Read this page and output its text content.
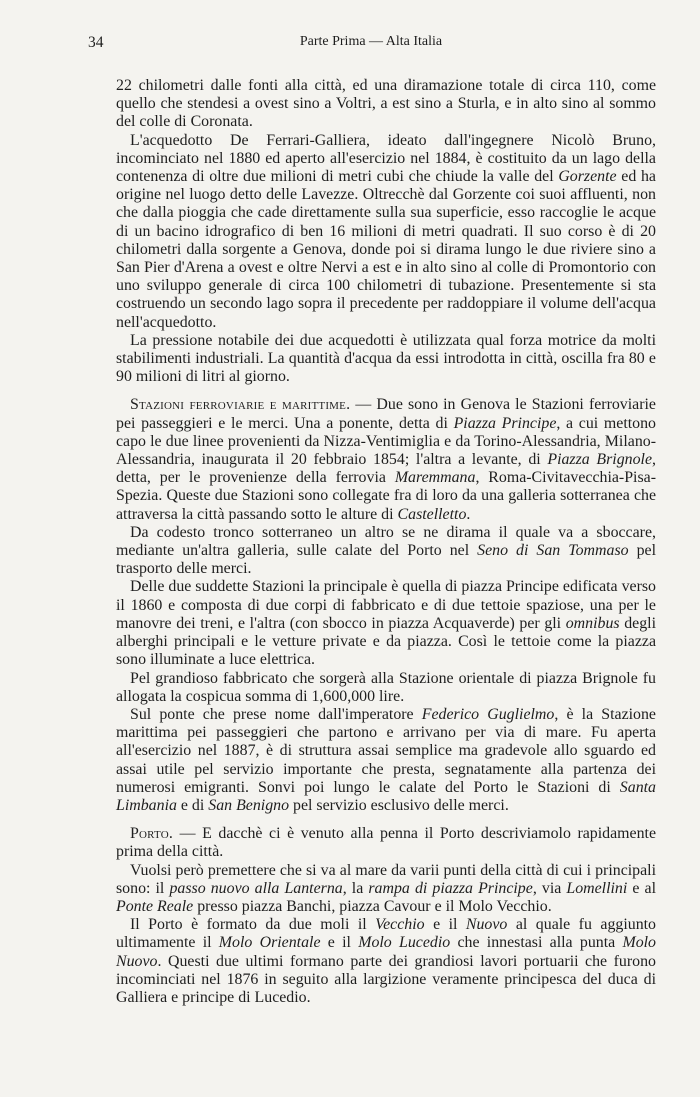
34	Parte Prima — Alta Italia

22 chilometri dalle fonti alla città, ed una diramazione totale di circa 110, come quello che stendesi a ovest sino a Voltri, a est sino a Sturla, e in alto sino al sommo del colle di Coronata.

L'acquedotto De Ferrari-Galliera, ideato dall'ingegnere Nicolò Bruno, incominciato nel 1880 ed aperto all'esercizio nel 1884, è costituito da un lago della contenenza di oltre due milioni di metri cubi che chiude la valle del Gorzente ed ha origine nel luogo detto delle Lavezze. Oltrecchè dal Gorzente coi suoi affluenti, non che dalla pioggia che cade direttamente sulla sua superficie, esso raccoglie le acque di un bacino idrografico di ben 16 milioni di metri quadrati. Il suo corso è di 20 chilometri dalla sorgente a Genova, donde poi si dirama lungo le due riviere sino a San Pier d'Arena a ovest e oltre Nervi a est e in alto sino al colle di Promontorio con uno sviluppo generale di circa 100 chilometri di tubazione. Presentemente si sta costruendo un secondo lago sopra il precedente per raddoppiare il volume dell'acqua nell'acquedotto.

La pressione notabile dei due acquedotti è utilizzata qual forza motrice da molti stabilimenti industriali. La quantità d'acqua da essi introdotta in città, oscilla fra 80 e 90 milioni di litri al giorno.

Stazioni ferroviarie e marittime. — Due sono in Genova le Stazioni ferroviarie pei passeggieri e le merci. Una a ponente, detta di Piazza Principe, a cui mettono capo le due linee provenienti da Nizza-Ventimiglia e da Torino-Alessandria, Milano-Alessandria, inaugurata il 20 febbraio 1854; l'altra a levante, di Piazza Brignole, detta, per le provenienze della ferrovia Maremmana, Roma-Civitavecchia-Pisa-Spezia. Queste due Stazioni sono collegate fra di loro da una galleria sotterranea che attraversa la città passando sotto le alture di Castelletto.

Da codesto tronco sotterraneo un altro se ne dirama il quale va a sboccare, mediante un'altra galleria, sulle calate del Porto nel Seno di San Tommaso pel trasporto delle merci.

Delle due suddette Stazioni la principale è quella di piazza Principe edificata verso il 1860 e composta di due corpi di fabbricato e di due tettoie spaziose, una per le manovre dei treni, e l'altra (con sbocco in piazza Acquaverde) per gli omnibus degli alberghi principali e le vetture private e da piazza. Così le tettoie come la piazza sono illuminate a luce elettrica.

Pel grandioso fabbricato che sorgerà alla Stazione orientale di piazza Brignole fu allogata la cospicua somma di 1,600,000 lire.

Sul ponte che prese nome dall'imperatore Federico Guglielmo, è la Stazione marittima pei passeggieri che partono e arrivano per via di mare. Fu aperta all'esercizio nel 1887, è di struttura assai semplice ma gradevole allo sguardo ed assai utile pel servizio importante che presta, segnatamente alla partenza dei numerosi emigranti. Sonvi poi lungo le calate del Porto le Stazioni di Santa Limbania e di San Benigno pel servizio esclusivo delle merci.

Porto. — E dacchè ci è venuto alla penna il Porto descriviamolo rapidamente prima della città.

Vuolsi però premettere che si va al mare da varii punti della città di cui i principali sono: il passo nuovo alla Lanterna, la rampa di piazza Principe, via Lomellini e al Ponte Reale presso piazza Banchi, piazza Cavour e il Molo Vecchio.

Il Porto è formato da due moli il Vecchio e il Nuovo al quale fu aggiunto ultimamente il Molo Orientale e il Molo Lucedio che innestasi alla punta Molo Nuovo. Questi due ultimi formano parte dei grandiosi lavori portuarii che furono incominciati nel 1876 in seguito alla largizione veramente principesca del duca di Galliera e principe di Lucedio.
